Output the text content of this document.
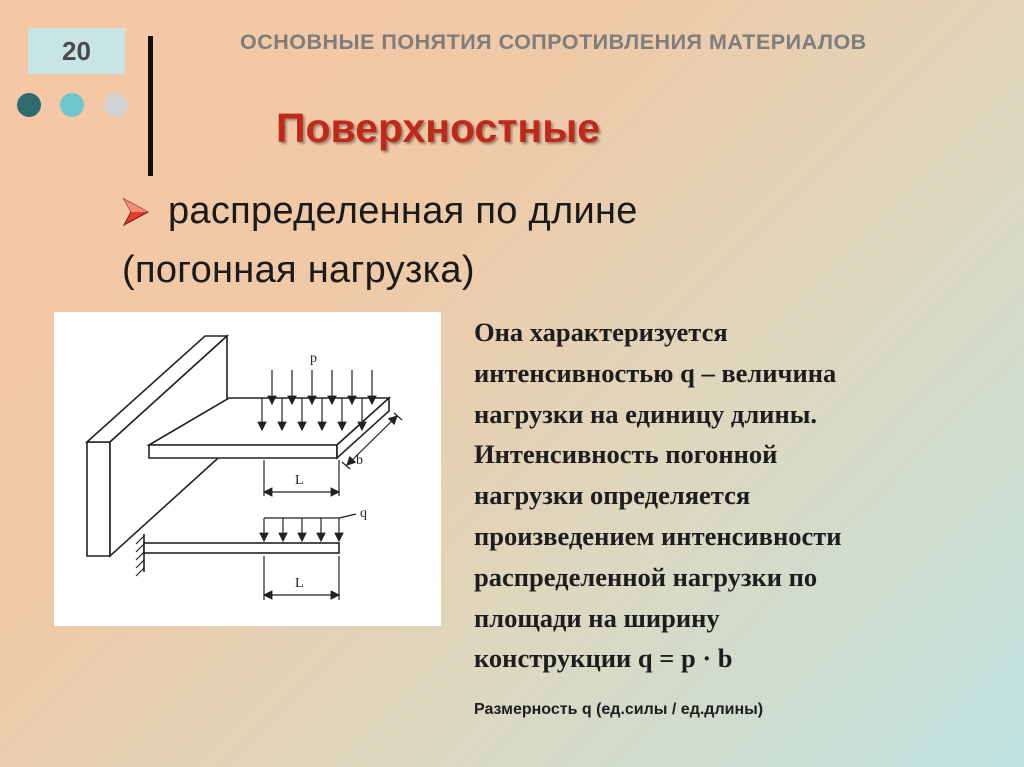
20	ОСНОВНЫЕ ПОНЯТИЯ СОПРОТИВЛЕНИЯ МАТЕРИАЛОВ
Поверхностные
распределенная по длине
(погонная нагрузка)
p
b
L
q
L
Она характеризуется
интенсивностью q – величина
нагрузки на единицу длины.
Интенсивность погонной
нагрузки определяется
произведением интенсивности
распределенной нагрузки по
площади на ширину
конструкции q = p · b
Размерность q (ед.силы / ед.длины)
